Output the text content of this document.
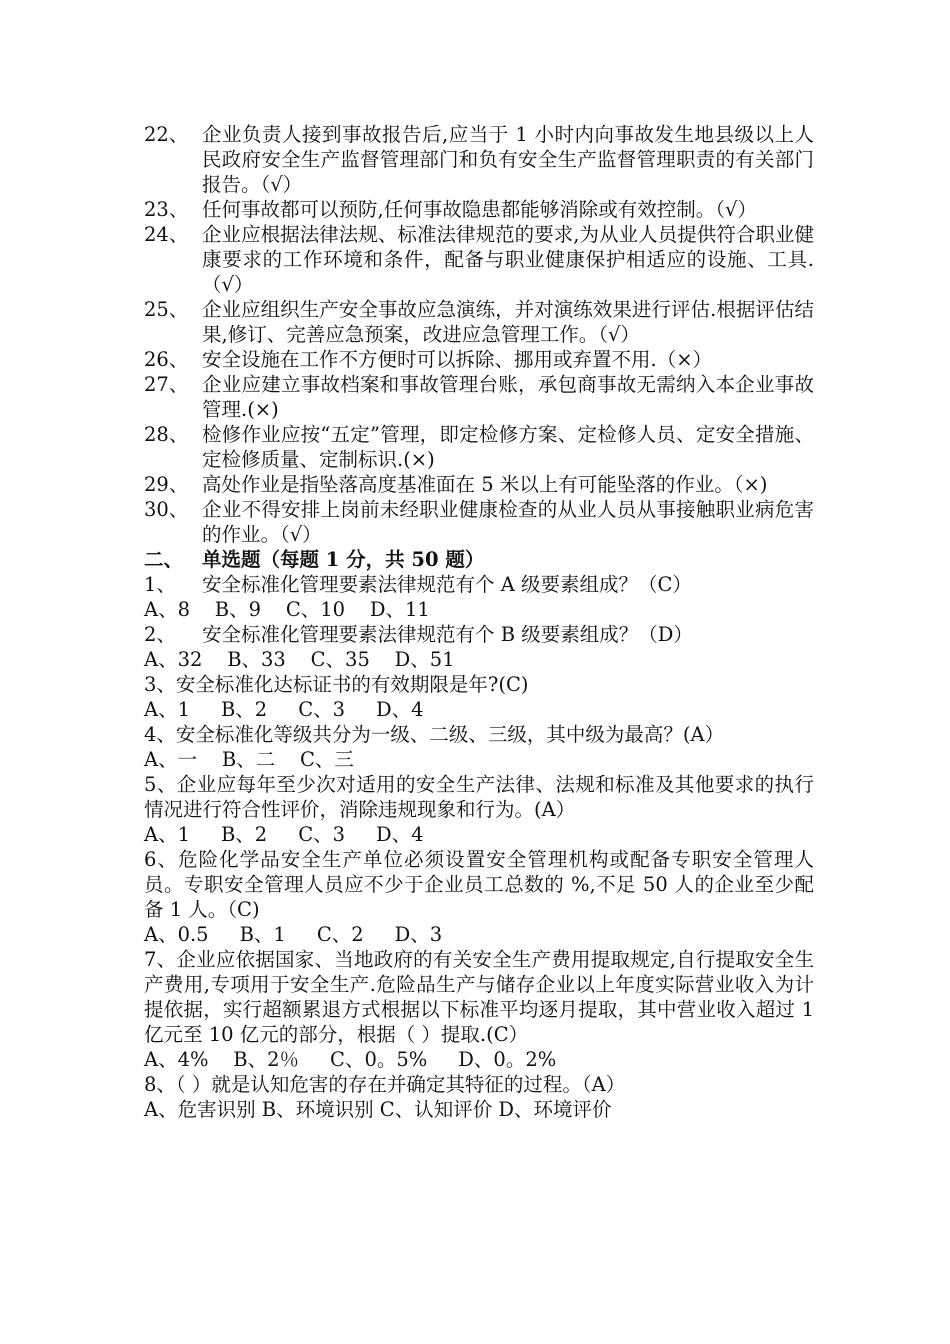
22、 企业负责人接到事故报告后,应当于 1 小时内向事故发生地县级以上人民政府安全生产监督管理部门和负有安全生产监督管理职责的有关部门报告。（√）
23、 任何事故都可以预防,任何事故隐患都能够消除或有效控制。（√）
24、 企业应根据法律法规、标准法律规范的要求,为从业人员提供符合职业健康要求的工作环境和条件，配备与职业健康保护相适应的设施、工具.（√）
25、 企业应组织生产安全事故应急演练，并对演练效果进行评估.根据评估结果,修订、完善应急预案，改进应急管理工作。（√）
26、 安全设施在工作不方便时可以拆除、挪用或弃置不用.（×）
27、 企业应建立事故档案和事故管理台账，承包商事故无需纳入本企业事故管理.(×)
28、 检修作业应按“五定”管理，即定检修方案、定检修人员、定安全措施、定检修质量、定制标识.(×)
29、 高处作业是指坠落高度基准面在 5 米以上有可能坠落的作业。（×)
30、 企业不得安排上岗前未经职业健康检查的从业人员从事接触职业病危害的作业。（√）
二、 单选题（每题 1 分，共 50 题）
1、	安全标准化管理要素法律规范有个 A 级要素组成？（C）
A、8    B、9    C、10    D、11
2、	安全标准化管理要素法律规范有个 B 级要素组成？（D）
A、32    B、33    C、35    D、51
3、安全标准化达标证书的有效期限是年?(C)
A、1     B、2     C、3     D、4
4、安全标准化等级共分为一级、二级、三级，其中级为最高？(A）
A、一    B、二    C、三
5、企业应每年至少次对适用的安全生产法律、法规和标准及其他要求的执行情况进行符合性评价，消除违规现象和行为。(A）
A、1     B、2     C、3     D、4
6、危险化学品安全生产单位必须设置安全管理机构或配备专职安全管理人员。专职安全管理人员应不少于企业员工总数的 %,不足 50 人的企业至少配备 1 人。（C)
A、0.5     B、1     C、2     D、3
7、企业应依据国家、当地政府的有关安全生产费用提取规定,自行提取安全生产费用,专项用于安全生产.危险品生产与储存企业以上年度实际营业收入为计提依据，实行超额累退方式根据以下标准平均逐月提取，其中营业收入超过 1 亿元至 10 亿元的部分，根据（ ）提取.(C）
A、4%    B、2％     C、0。5%     D、0。2%
8、（ ）就是认知危害的存在并确定其特征的过程。（A）
A、危害识别 B、环境识别 C、认知评价 D、环境评价
